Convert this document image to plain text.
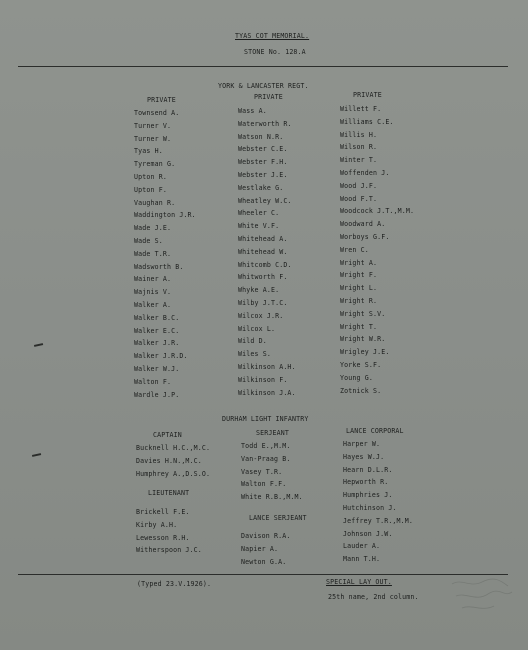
TYAS COT MEMORIAL.
STONE No. 128.A
YORK & LANCASTER REGT.
PRIVATE	PRIVATE	PRIVATE
Townsend A.
Turner V.
Turner W.
Tyas H.
Tyreman G.
Upton R.
Upton F.
Vaughan R.
Waddington J.R.
Wade J.E.
Wade S.
Wade T.R.
Wadsworth B.
Wainer A.
Wajnis V.
Walker A.
Walker B.C.
Walker E.C.
Walker J.R.
Walker J.R.D.
Walker W.J.
Walton F.
Wardle J.P.
Wass A.
Waterworth R.
Watson N.R.
Webster C.E.
Webster F.H.
Webster J.E.
Westlake G.
Wheatley W.C.
Wheeler C.
White V.F.
Whitehead A.
Whitehead W.
Whitcomb C.D.
Whitworth F.
Whyke A.E.
Wilby J.T.C.
Wilcox J.R.
Wilcox L.
Wild D.
Wiles S.
Wilkinson A.H.
Wilkinson F.
Wilkinson J.A.
Willett F.
Williams C.E.
Willis H.
Wilson R.
Winter T.
Woffenden J.
Wood J.F.
Wood F.T.
Woodcock J.T.,M.M.
Woodward A.
Worboys G.F.
Wren C.
Wright A.
Wright F.
Wright L.
Wright R.
Wright S.V.
Wright T.
Wright W.R.
Wrigley J.E.
Yorke S.F.
Young G.
Zotnick S.
DURHAM LIGHT INFANTRY
CAPTAIN
Bucknell H.C.,M.C.
Davies H.N.,M.C.
Humphrey A.,D.S.O.
LIEUTENANT
Brickell F.E.
Kirby A.H.
Lewesson R.H.
Witherspoon J.C.
SERJEANT
Todd E.,M.M.
Van-Praag B.
Vasey T.R.
Walton F.F.
White R.B.,M.M.
LANCE SERJEANT
Davison R.A.
Napier A.
Newton G.A.
LANCE CORPORAL
Harper W.
Hayes W.J.
Hearn D.L.R.
Hepworth R.
Humphries J.
Hutchinson J.
Jeffrey T.R.,M.M.
Johnson J.W.
Lauder A.
Mann T.H.
(Typed 23.V.1926).	SPECIAL LAY OUT.
25th name, 2nd column.
